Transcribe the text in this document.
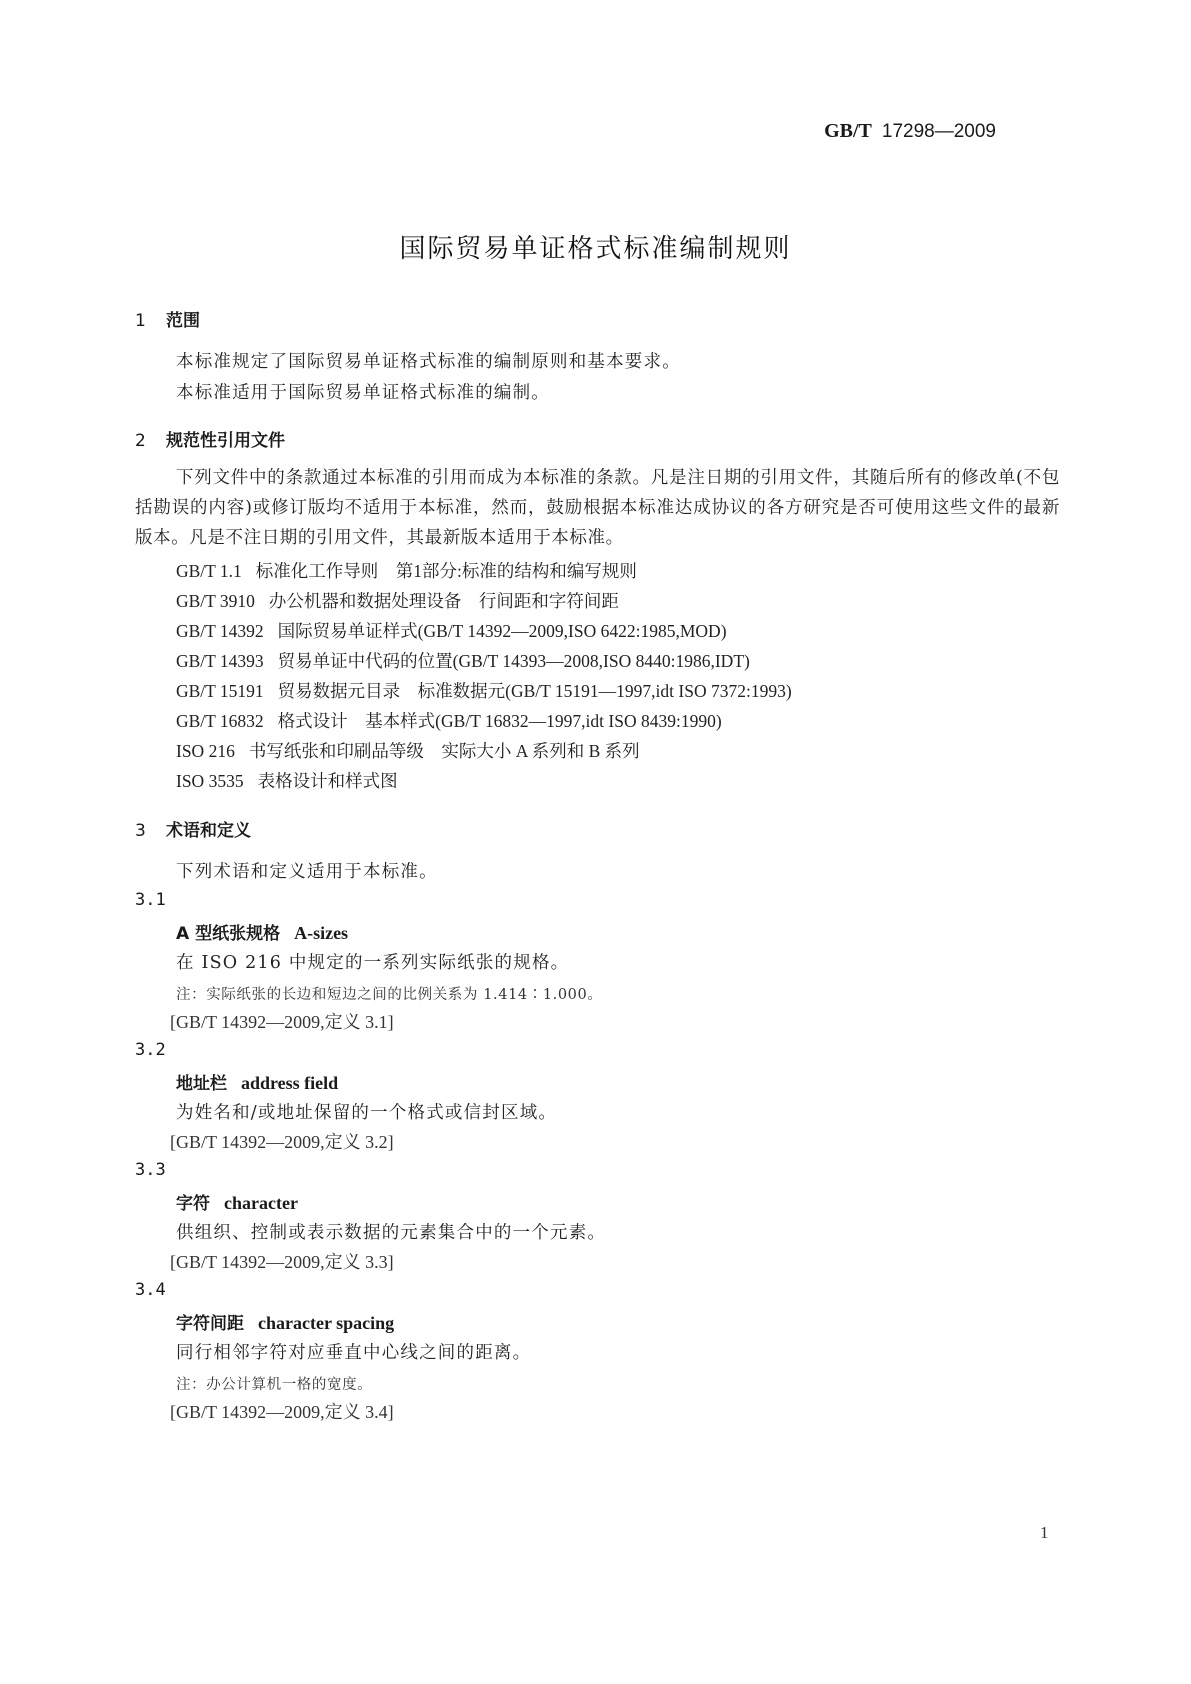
GB/T 17298—2009
国际贸易单证格式标准编制规则
1 范围
本标准规定了国际贸易单证格式标准的编制原则和基本要求。
本标准适用于国际贸易单证格式标准的编制。
2 规范性引用文件
下列文件中的条款通过本标准的引用而成为本标准的条款。凡是注日期的引用文件，其随后所有的修改单(不包括勘误的内容)或修订版均不适用于本标准，然而，鼓励根据本标准达成协议的各方研究是否可使用这些文件的最新版本。凡是不注日期的引用文件，其最新版本适用于本标准。
GB/T 1.1 标准化工作导则　第1部分:标准的结构和编写规则
GB/T 3910 办公机器和数据处理设备　行间距和字符间距
GB/T 14392 国际贸易单证样式(GB/T 14392—2009,ISO 6422:1985,MOD)
GB/T 14393 贸易单证中代码的位置(GB/T 14393—2008,ISO 8440:1986,IDT)
GB/T 15191 贸易数据元目录　标准数据元(GB/T 15191—1997,idt ISO 7372:1993)
GB/T 16832 格式设计　基本样式(GB/T 16832—1997,idt ISO 8439:1990)
ISO 216 书写纸张和印刷品等级　实际大小 A 系列和 B 系列
ISO 3535 表格设计和样式图
3 术语和定义
下列术语和定义适用于本标准。
3.1
A 型纸张规格 A-sizes
在 ISO 216 中规定的一系列实际纸张的规格。
注：实际纸张的长边和短边之间的比例关系为 1.414∶1.000。
[GB/T 14392—2009,定义 3.1]
3.2
地址栏 address field
为姓名和/或地址保留的一个格式或信封区域。
[GB/T 14392—2009,定义 3.2]
3.3
字符 character
供组织、控制或表示数据的元素集合中的一个元素。
[GB/T 14392—2009,定义 3.3]
3.4
字符间距 character spacing
同行相邻字符对应垂直中心线之间的距离。
注：办公计算机一格的宽度。
[GB/T 14392—2009,定义 3.4]
1
